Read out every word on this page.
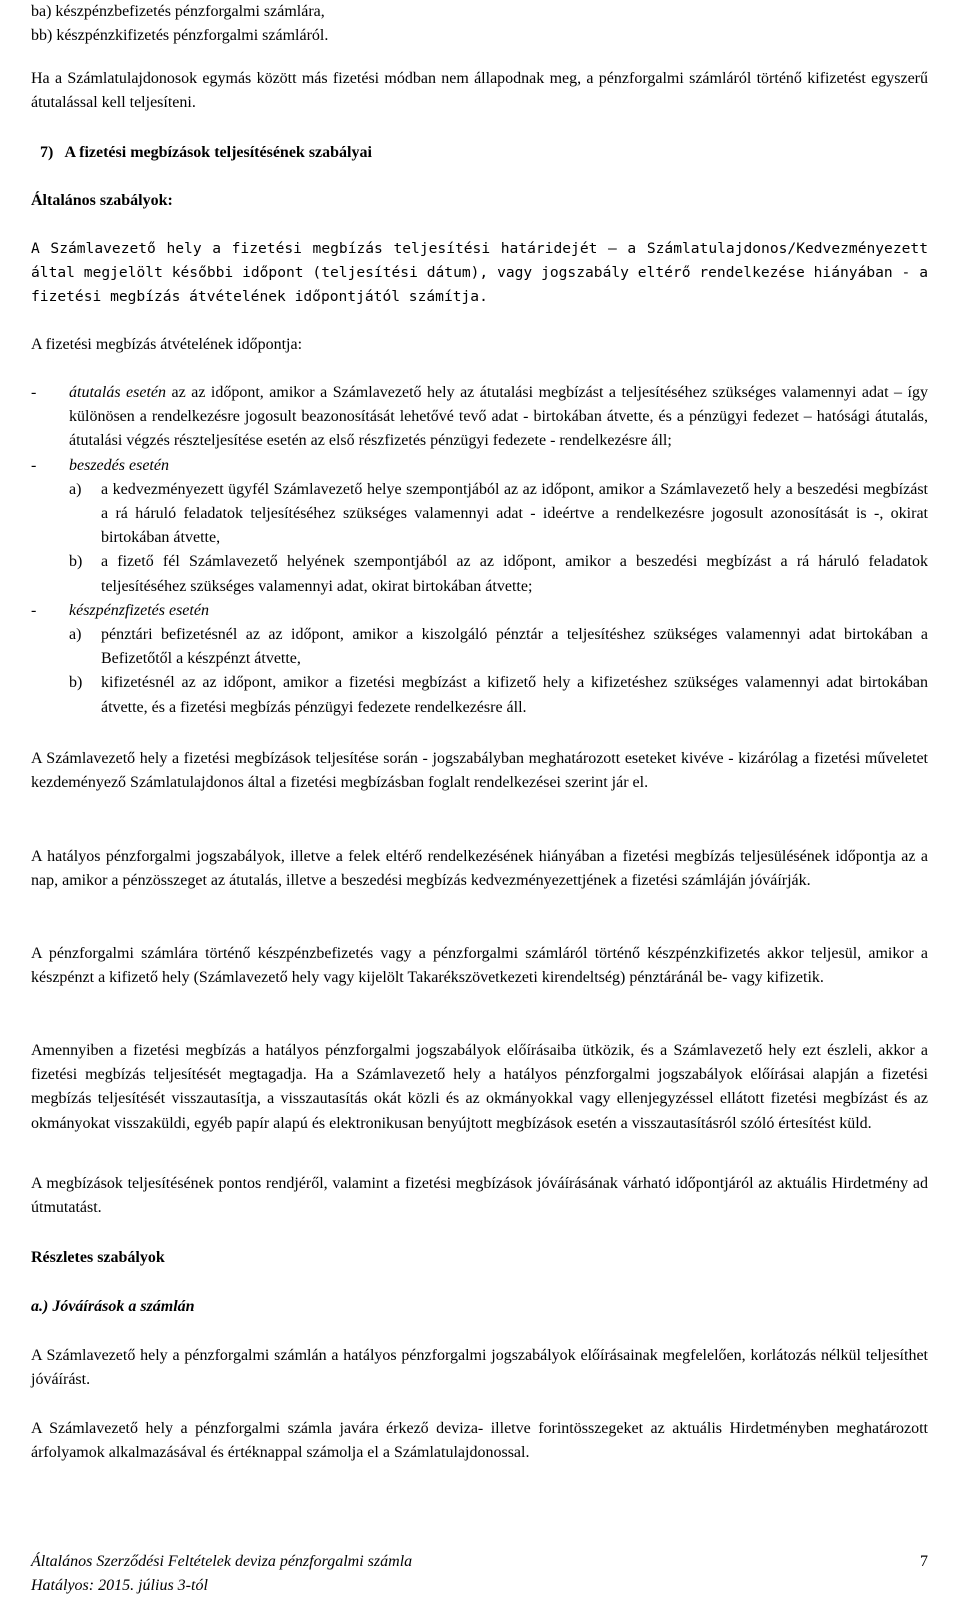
ba) készpénzbefizetés pénzforgalmi számlára,
bb) készpénzkifizetés pénzforgalmi számláról.
Ha a Számlatulajdonosok egymás között más fizetési módban nem állapodnak meg, a pénzforgalmi számláról történő kifizetést egyszerű átutalással kell teljesíteni.
7)   A fizetési megbízások teljesítésének szabályai
Általános szabályok:
A Számlavezető hely a fizetési megbízás teljesítési határidejét – a Számlatulajdonos/Kedvezményezett által megjelölt későbbi időpont (teljesítési dátum), vagy jogszabály eltérő rendelkezése hiányában - a fizetési megbízás átvételének időpontjától számítja.
A fizetési megbízás átvételének időpontja:
- átutalás esetén az az időpont, amikor a Számlavezető hely az átutalási megbízást a teljesítéséhez szükséges valamennyi adat – így különösen a rendelkezésre jogosult beazonosítását lehetővé tevő adat - birtokában átvette, és a pénzügyi fedezet – hatósági átutalás, átutalási végzés részteljesítése esetén az első részfizetés pénzügyi fedezete - rendelkezésre áll;
- beszedés esetén
a) a kedvezményezett ügyfél Számlavezető helye szempontjából az az időpont, amikor a Számlavezető hely a beszedési megbízást a rá háruló feladatok teljesítéséhez szükséges valamennyi adat - ideértve a rendelkezésre jogosult azonosítását is -, okirat birtokában átvette,
b) a fizető fél Számlavezető helyének szempontjából az az időpont, amikor a beszedési megbízást a rá háruló feladatok teljesítéséhez szükséges valamennyi adat, okirat birtokában átvette;
- készpénzfizetés esetén
a) pénztári befizetésnél az az időpont, amikor a kiszolgáló pénztár a teljesítéshez szükséges valamennyi adat birtokában a Befizetőtől a készpénzt átvette,
b) kifizetésnél az az időpont, amikor a fizetési megbízást a kifizető hely a kifizetéshez szükséges valamennyi adat birtokában átvette, és a fizetési megbízás pénzügyi fedezete rendelkezésre áll.
A Számlavezető hely a fizetési megbízások teljesítése során - jogszabályban meghatározott eseteket kivéve - kizárólag a fizetési műveletet kezdeményező Számlatulajdonos által a fizetési megbízásban foglalt rendelkezései szerint jár el.
A hatályos pénzforgalmi jogszabályok, illetve a felek eltérő rendelkezésének hiányában a fizetési megbízás teljesülésének időpontja az a nap, amikor a pénzösszeget az átutalás, illetve a beszedési megbízás kedvezményezettjének a fizetési számláján jóváírják.
A pénzforgalmi számlára történő készpénzbefizetés vagy a pénzforgalmi számláról történő készpénzkifizetés akkor teljesül, amikor a készpénzt a kifizető hely (Számlavezető hely vagy kijelölt Takarékszövetkezeti kirendeltség) pénztáránál be- vagy kifizetik.
Amennyiben a fizetési megbízás a hatályos pénzforgalmi jogszabályok előírásaiba ütközik, és a Számlavezető hely ezt észleli, akkor a fizetési megbízás teljesítését megtagadja. Ha a Számlavezető hely a hatályos pénzforgalmi jogszabályok előírásai alapján a fizetési megbízás teljesítését visszautasítja, a visszautasítás okát közli és az okmányokkal vagy ellenjegyzéssel ellátott fizetési megbízást és az okmányokat visszaküldi, egyéb papír alapú és elektronikusan benyújtott megbízások esetén a visszautasításról szóló értesítést küld.
A megbízások teljesítésének pontos rendjéről, valamint a fizetési megbízások jóváírásának várható időpontjáról az aktuális Hirdetmény ad útmutatást.
Részletes szabályok
a.) Jóváírások a számlán
A Számlavezető hely a pénzforgalmi számlán a hatályos pénzforgalmi jogszabályok előírásainak megfelelően, korlátozás nélkül teljesíthet jóváírást.
A Számlavezető hely a pénzforgalmi számla javára érkező deviza- illetve forintösszegeket az aktuális Hirdetményben meghatározott árfolyamok alkalmazásával és értéknappal számolja el a Számlatulajdonossal.
Általános Szerződési Feltételek deviza pénzforgalmi számla	7
Hatályos: 2015. július 3-tól
